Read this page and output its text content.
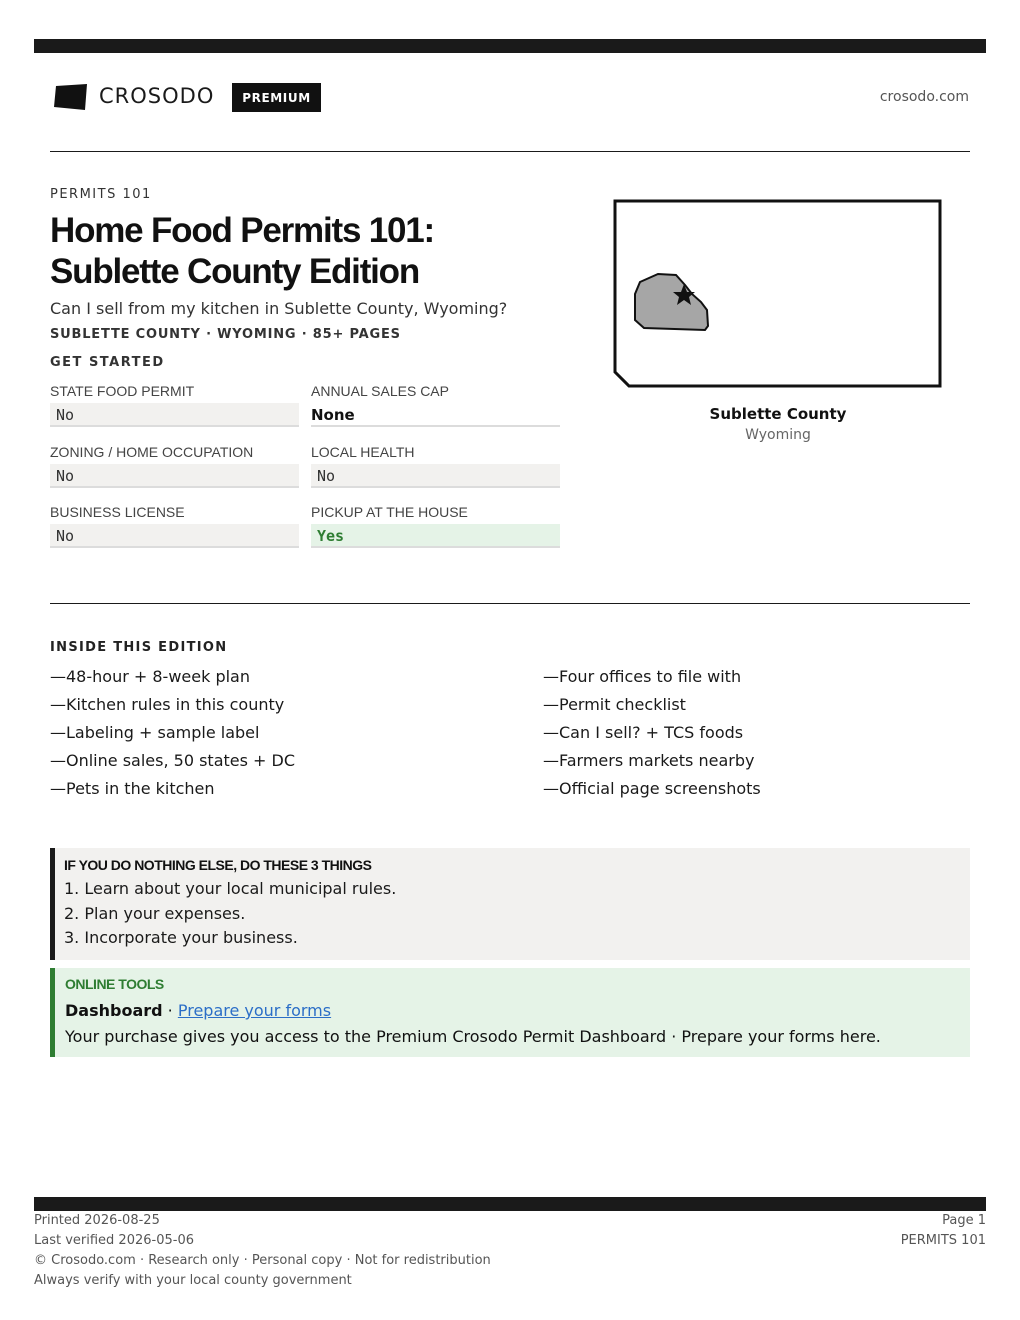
CROSODO	PREMIUM	crosodo.com
PERMITS 101
Home Food Permits 101:
Sublette County Edition
Can I sell from my kitchen in Sublette County, Wyoming?
SUBLETTE COUNTY · WYOMING · 85+ PAGES
GET STARTED
STATE FOOD PERMIT
No
ANNUAL SALES CAP
None
ZONING / HOME OCCUPATION
No
LOCAL HEALTH
No
BUSINESS LICENSE
No
PICKUP AT THE HOUSE
Yes
Sublette County
Wyoming
INSIDE THIS EDITION
—48-hour + 8-week plan
—Kitchen rules in this county
—Labeling + sample label
—Online sales, 50 states + DC
—Pets in the kitchen
—Four offices to file with
—Permit checklist
—Can I sell? + TCS foods
—Farmers markets nearby
—Official page screenshots
IF YOU DO NOTHING ELSE, DO THESE 3 THINGS
1. Learn about your local municipal rules.
2. Plan your expenses.
3. Incorporate your business.
ONLINE TOOLS
Dashboard · Prepare your forms
Your purchase gives you access to the Premium Crosodo Permit Dashboard · Prepare your forms here.
Printed 2026-08-25
Last verified 2026-05-06
© Crosodo.com · Research only · Personal copy · Not for redistribution
Always verify with your local county government
Page 1
PERMITS 101
